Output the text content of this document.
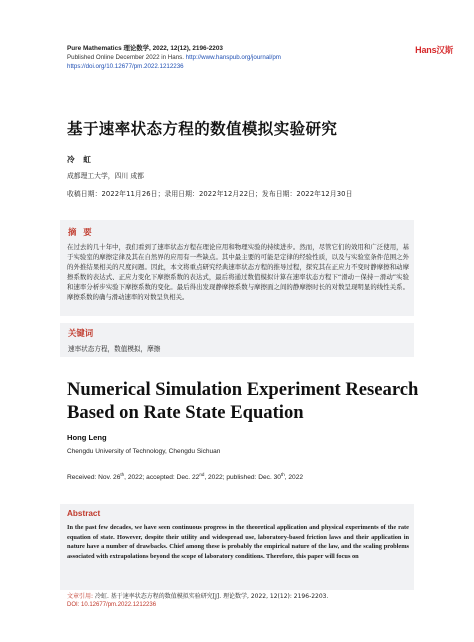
Pure Mathematics 理论数学, 2022, 12(12), 2196-2203
Published Online December 2022 in Hans. http://www.hanspub.org/journal/pm
https://doi.org/10.12677/pm.2022.1212236
Hans汉斯
基于速率状态方程的数值模拟实验研究
冷 虹
成都理工大学，四川 成都
收稿日期：2022年11月26日；录用日期：2022年12月22日；发布日期：2022年12月30日
摘 要
在过去的几十年中，我们看到了速率状态方程在理论应用和物理实验的持续进步。然而，尽管它们的效用和广泛使用，基于实验室的摩擦定律及其在自然界的应用有一些缺点。其中最主要的可能是定律的经验性质，以及与实验室条件范围之外的外推结果相关的尺度问题。因此，本文将重点研究经典速率状态方程的推导过程，探究其在正应力不变时静摩擦和动摩擦系数的表达式、正应力变化下摩擦系数的表达式，最后将通过数值模拟计算在速率状态方程下“滑动－保持－滑动”实验和速率分析步实验下摩擦系数的变化。最后得出发现静摩擦系数与摩擦面之间的静摩擦时长的对数呈现明显的线性关系。摩擦系数的确与滑动速率的对数呈负相关。
关键词
速率状态方程，数值模拟，摩擦
Numerical Simulation Experiment Research Based on Rate State Equation
Hong Leng
Chengdu University of Technology, Chengdu Sichuan
Received: Nov. 26th, 2022; accepted: Dec. 22nd, 2022; published: Dec. 30th, 2022
Abstract
In the past few decades, we have seen continuous progress in the theoretical application and physical experiments of the rate equation of state. However, despite their utility and widespread use, laboratory-based friction laws and their application in nature have a number of drawbacks. Chief among these is probably the empirical nature of the law, and the scaling problems associated with extrapolations beyond the scope of laboratory conditions. Therefore, this paper will focus on
文章引用: 冷虹. 基于速率状态方程的数值模拟实验研究[J]. 理论数学, 2022, 12(12): 2196-2203.
DOI: 10.12677/pm.2022.1212236
